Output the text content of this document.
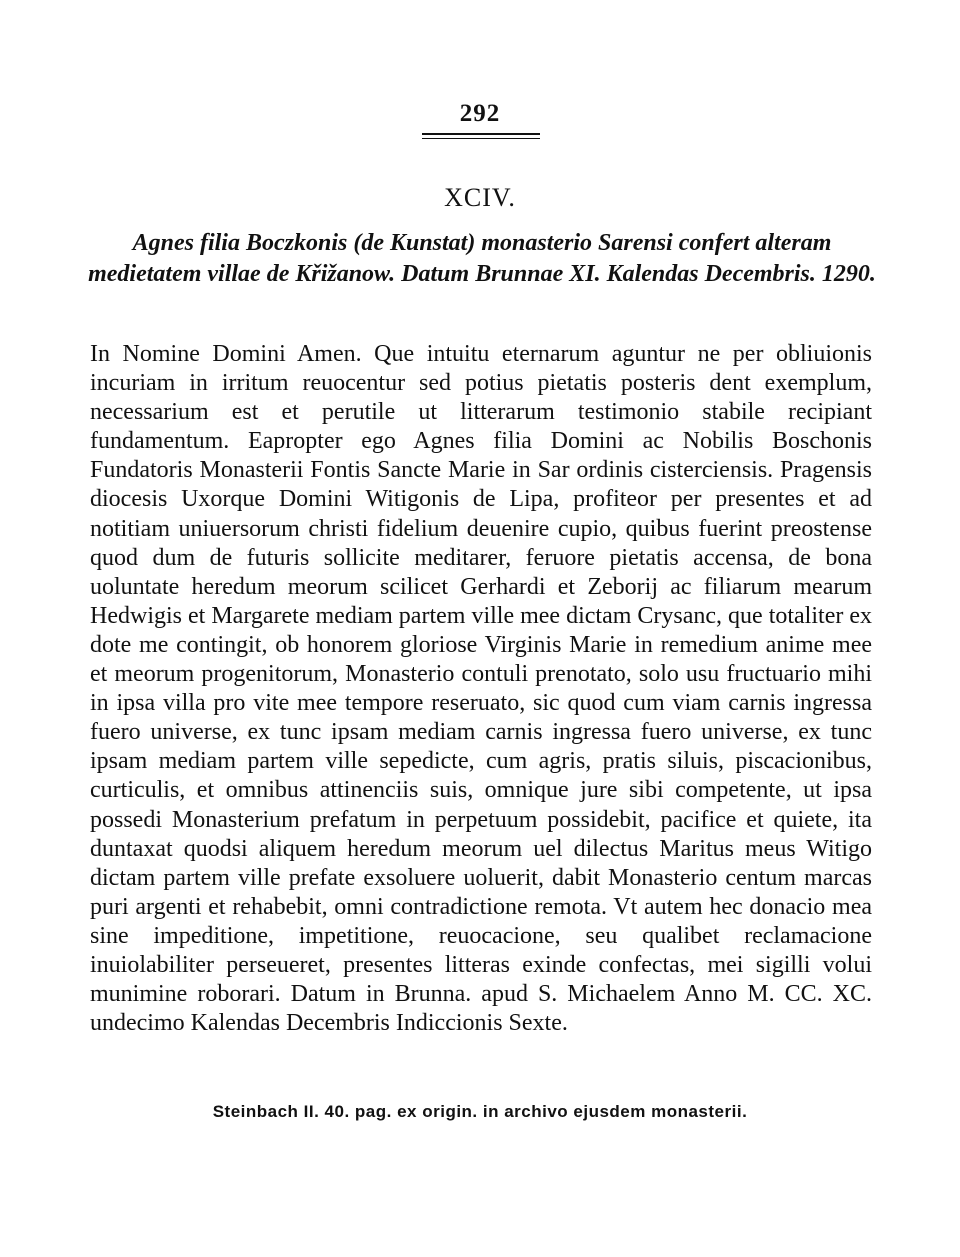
292
XCIV.
Agnes filia Boczkonis (de Kunstat) monasterio Sarensi confert alteram medietatem villae de Křižanow. Datum Brunnae XI. Kalendas Decembris. 1290.

In Nomine Domini Amen. Que intuitu eternarum aguntur ne per obliuionis incuriam in irritum reuocentur sed potius pietatis posteris dent exemplum, necessarium est et perutile ut litterarum testimonio stabile recipiant fundamentum. Eapropter ego Agnes filia Domini ac Nobilis Boschonis Fundatoris Monasterii Fontis Sancte Marie in Sar ordinis cisterciensis. Pragensis diocesis Uxorque Domini Witigonis de Lipa, profiteor per presentes et ad notitiam uniuersorum christi fidelium deuenire cupio, quibus fuerint preostense quod dum de futuris sollicite meditarer, feruore pietatis accensa, de bona uoluntate heredum meorum scilicet Gerhardi et Zeborij ac filiarum mearum Hedwigis et Margarete mediam partem ville mee dictam Crysanc, que totaliter ex dote me contingit, ob honorem gloriose Virginis Marie in remedium anime mee et meorum progenitorum, Monasterio contuli prenotato, solo usu fructuario mihi in ipsa villa pro vite mee tempore reseruato, sic quod cum viam carnis ingressa fuero universe, ex tunc ipsam mediam carnis ingressa fuero universe, ex tunc ipsam mediam partem ville sepedicte, cum agris, pratis siluis, piscacionibus, curticulis, et omnibus attinenciis suis, omnique jure sibi competente, ut ipsa possedi Monasterium prefatum in perpetuum possidebit, pacifice et quiete, ita duntaxat quodsi aliquem heredum meorum uel dilectus Maritus meus Witigo dictam partem ville prefate exsoluere uoluerit, dabit Monasterio centum marcas puri argenti et rehabebit, omni contradictione remota. Vt autem hec donacio mea sine impeditione, impetitione, reuocacione, seu qualibet reclamacione inuiolabiliter perseueret, presentes litteras exinde confectas, mei sigilli volui munimine roborari. Datum in Brunna. apud S. Michaelem Anno M. CC. XC. undecimo Kalendas Decembris Indiccionis Sexte.

Steinbach II. 40. pag. ex origin. in archivo ejusdem monasterii.
